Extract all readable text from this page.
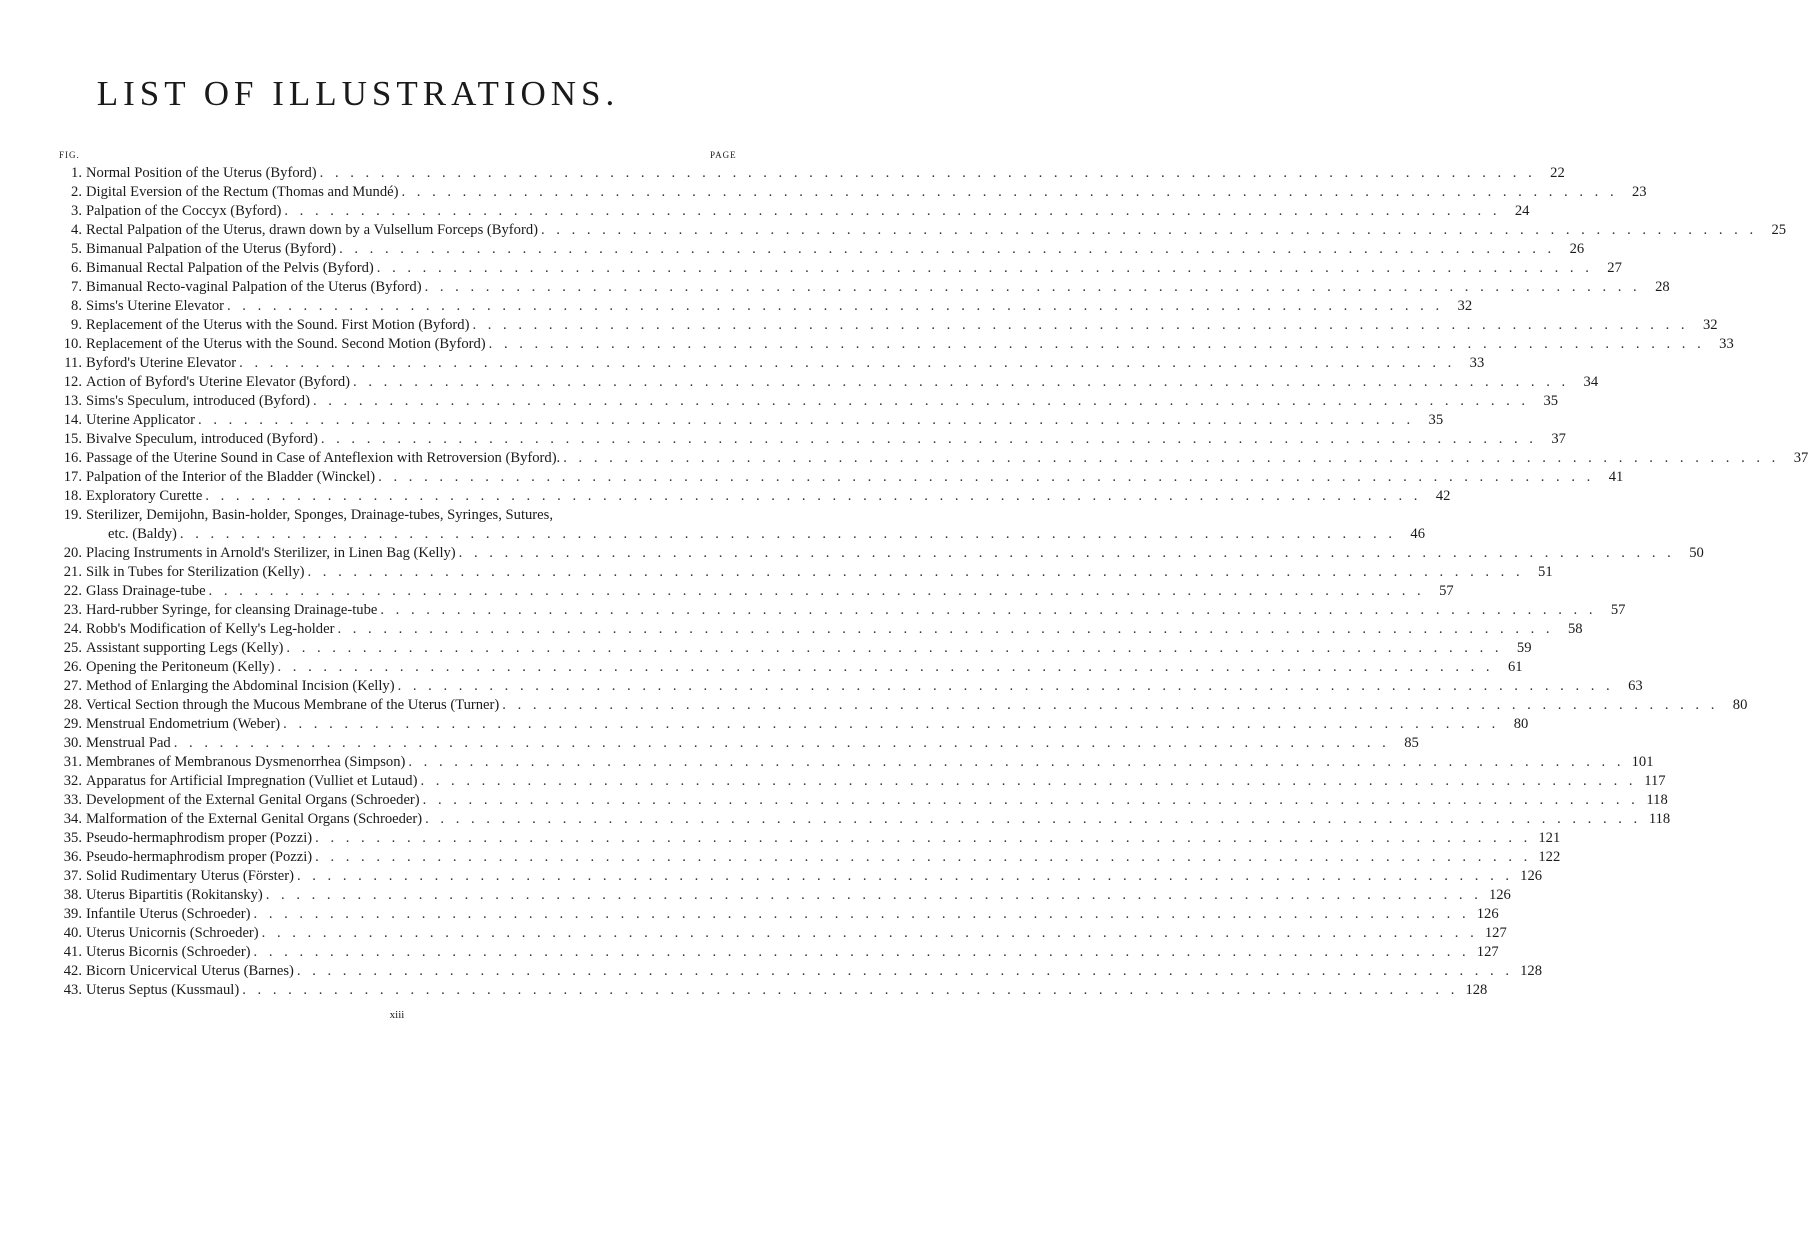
LIST OF ILLUSTRATIONS.
FIG.	PAGE
1. Normal Position of the Uterus (Byford) . . . . . . . . . . . . . . . . . . . . . . . . . . . . . . . . . . . . . . . . . . . . . . . . . . . . . . . . . . . . . . . . . . . . . . . . . . . . . . . . 22
2. Digital Eversion of the Rectum (Thomas and Mundé) . . . . . . . . . . . . . . . . . . . . . . . . . . . . . . . . . . . . . . . . . . . . . . . . . . . . . . . . . . . . . . . . . . . . . . . . . . . . . . . . 23
3. Palpation of the Coccyx (Byford) . . . . . . . . . . . . . . . . . . . . . . . . . . . . . . . . . . . . . . . . . . . . . . . . . . . . . . . . . . . . . . . . . . . . . . . . . . . . . . . . 24
4. Rectal Palpation of the Uterus, drawn down by a Vulsellum Forceps (Byford) . . . . . . . . . . . . . . . . . . . . . . . . . . . . . . . . . . . . . . . . . . . . . . . . . . . . . . . . . . . . . . . . . . . . . . . . . . . . . . . . 25
5. Bimanual Palpation of the Uterus (Byford) . . . . . . . . . . . . . . . . . . . . . . . . . . . . . . . . . . . . . . . . . . . . . . . . . . . . . . . . . . . . . . . . . . . . . . . . . . . . . . . . 26
6. Bimanual Rectal Palpation of the Pelvis (Byford) . . . . . . . . . . . . . . . . . . . . . . . . . . . . . . . . . . . . . . . . . . . . . . . . . . . . . . . . . . . . . . . . . . . . . . . . . . . . . . . . 27
7. Bimanual Recto-vaginal Palpation of the Uterus (Byford) . . . . . . . . . . . . . . . . . . . . . . . . . . . . . . . . . . . . . . . . . . . . . . . . . . . . . . . . . . . . . . . . . . . . . . . . . . . . . . . . 28
8. Sims's Uterine Elevator . . . . . . . . . . . . . . . . . . . . . . . . . . . . . . . . . . . . . . . . . . . . . . . . . . . . . . . . . . . . . . . . . . . . . . . . . . . . . . . . 32
9. Replacement of the Uterus with the Sound. First Motion (Byford) . . . . . . . . . . . . . . . . . . . . . . . . . . . . . . . . . . . . . . . . . . . . . . . . . . . . . . . . . . . . . . . . . . . . . . . . . . . . . . . . 32
10. Replacement of the Uterus with the Sound. Second Motion (Byford) . . . . . . . . . . . . . . . . . . . . . . . . . . . . . . . . . . . . . . . . . . . . . . . . . . . . . . . . . . . . . . . . . . . . . . . . . . . . . . . . 33
11. Byford's Uterine Elevator . . . . . . . . . . . . . . . . . . . . . . . . . . . . . . . . . . . . . . . . . . . . . . . . . . . . . . . . . . . . . . . . . . . . . . . . . . . . . . . . 33
12. Action of Byford's Uterine Elevator (Byford) . . . . . . . . . . . . . . . . . . . . . . . . . . . . . . . . . . . . . . . . . . . . . . . . . . . . . . . . . . . . . . . . . . . . . . . . . . . . . . . . 34
13. Sims's Speculum, introduced (Byford) . . . . . . . . . . . . . . . . . . . . . . . . . . . . . . . . . . . . . . . . . . . . . . . . . . . . . . . . . . . . . . . . . . . . . . . . . . . . . . . . 35
14. Uterine Applicator . . . . . . . . . . . . . . . . . . . . . . . . . . . . . . . . . . . . . . . . . . . . . . . . . . . . . . . . . . . . . . . . . . . . . . . . . . . . . . . . 35
15. Bivalve Speculum, introduced (Byford) . . . . . . . . . . . . . . . . . . . . . . . . . . . . . . . . . . . . . . . . . . . . . . . . . . . . . . . . . . . . . . . . . . . . . . . . . . . . . . . . 37
16. Passage of the Uterine Sound in Case of Anteflexion with Retroversion (Byford). . . . . . . . . . . . . . . . . . . . . . . . . . . . . . . . . . . . . . . . . . . . . . . . . . . . . . . . . . . . . . . . . . . . . . . . . . . . . . . . . 37
17. Palpation of the Interior of the Bladder (Winckel) . . . . . . . . . . . . . . . . . . . . . . . . . . . . . . . . . . . . . . . . . . . . . . . . . . . . . . . . . . . . . . . . . . . . . . . . . . . . . . . . 41
18. Exploratory Curette . . . . . . . . . . . . . . . . . . . . . . . . . . . . . . . . . . . . . . . . . . . . . . . . . . . . . . . . . . . . . . . . . . . . . . . . . . . . . . . . 42
19. Sterilizer, Demijohn, Basin-holder, Sponges, Drainage-tubes, Syringes, Sutures,
etc. (Baldy) . . . . . . . . . . . . . . . . . . . . . . . . . . . . . . . . . . . . . . . . . . . . . . . . . . . . . . . . . . . . . . . . . . . . . . . . . . . . . . . . 46
20. Placing Instruments in Arnold's Sterilizer, in Linen Bag (Kelly) . . . . . . . . . . . . . . . . . . . . . . . . . . . . . . . . . . . . . . . . . . . . . . . . . . . . . . . . . . . . . . . . . . . . . . . . . . . . . . . . 50
21. Silk in Tubes for Sterilization (Kelly) . . . . . . . . . . . . . . . . . . . . . . . . . . . . . . . . . . . . . . . . . . . . . . . . . . . . . . . . . . . . . . . . . . . . . . . . . . . . . . . . 51
22. Glass Drainage-tube . . . . . . . . . . . . . . . . . . . . . . . . . . . . . . . . . . . . . . . . . . . . . . . . . . . . . . . . . . . . . . . . . . . . . . . . . . . . . . . . 57
23. Hard-rubber Syringe, for cleansing Drainage-tube . . . . . . . . . . . . . . . . . . . . . . . . . . . . . . . . . . . . . . . . . . . . . . . . . . . . . . . . . . . . . . . . . . . . . . . . . . . . . . . . 57
24. Robb's Modification of Kelly's Leg-holder . . . . . . . . . . . . . . . . . . . . . . . . . . . . . . . . . . . . . . . . . . . . . . . . . . . . . . . . . . . . . . . . . . . . . . . . . . . . . . . . 58
25. Assistant supporting Legs (Kelly) . . . . . . . . . . . . . . . . . . . . . . . . . . . . . . . . . . . . . . . . . . . . . . . . . . . . . . . . . . . . . . . . . . . . . . . . . . . . . . . . 59
26. Opening the Peritoneum (Kelly) . . . . . . . . . . . . . . . . . . . . . . . . . . . . . . . . . . . . . . . . . . . . . . . . . . . . . . . . . . . . . . . . . . . . . . . . . . . . . . . . 61
27. Method of Enlarging the Abdominal Incision (Kelly) . . . . . . . . . . . . . . . . . . . . . . . . . . . . . . . . . . . . . . . . . . . . . . . . . . . . . . . . . . . . . . . . . . . . . . . . . . . . . . . . 63
28. Vertical Section through the Mucous Membrane of the Uterus (Turner) . . . . . . . . . . . . . . . . . . . . . . . . . . . . . . . . . . . . . . . . . . . . . . . . . . . . . . . . . . . . . . . . . . . . . . . . . . . . . . . . 80
29. Menstrual Endometrium (Weber) . . . . . . . . . . . . . . . . . . . . . . . . . . . . . . . . . . . . . . . . . . . . . . . . . . . . . . . . . . . . . . . . . . . . . . . . . . . . . . . . 80
30. Menstrual Pad . . . . . . . . . . . . . . . . . . . . . . . . . . . . . . . . . . . . . . . . . . . . . . . . . . . . . . . . . . . . . . . . . . . . . . . . . . . . . . . . 85
31. Membranes of Membranous Dysmenorrhea (Simpson) . . . . . . . . . . . . . . . . . . . . . . . . . . . . . . . . . . . . . . . . . . . . . . . . . . . . . . . . . . . . . . . . . . . . . . . . . . . . . . . . 101
32. Apparatus for Artificial Impregnation (Vulliet et Lutaud) . . . . . . . . . . . . . . . . . . . . . . . . . . . . . . . . . . . . . . . . . . . . . . . . . . . . . . . . . . . . . . . . . . . . . . . . . . . . . . . . 117
33. Development of the External Genital Organs (Schroeder) . . . . . . . . . . . . . . . . . . . . . . . . . . . . . . . . . . . . . . . . . . . . . . . . . . . . . . . . . . . . . . . . . . . . . . . . . . . . . . . . 118
34. Malformation of the External Genital Organs (Schroeder) . . . . . . . . . . . . . . . . . . . . . . . . . . . . . . . . . . . . . . . . . . . . . . . . . . . . . . . . . . . . . . . . . . . . . . . . . . . . . . . . 118
35. Pseudo-hermaphrodism proper (Pozzi) . . . . . . . . . . . . . . . . . . . . . . . . . . . . . . . . . . . . . . . . . . . . . . . . . . . . . . . . . . . . . . . . . . . . . . . . . . . . . . . . 121
36. Pseudo-hermaphrodism proper (Pozzi) . . . . . . . . . . . . . . . . . . . . . . . . . . . . . . . . . . . . . . . . . . . . . . . . . . . . . . . . . . . . . . . . . . . . . . . . . . . . . . . . 122
37. Solid Rudimentary Uterus (Förster) . . . . . . . . . . . . . . . . . . . . . . . . . . . . . . . . . . . . . . . . . . . . . . . . . . . . . . . . . . . . . . . . . . . . . . . . . . . . . . . . 126
38. Uterus Bipartitis (Rokitansky) . . . . . . . . . . . . . . . . . . . . . . . . . . . . . . . . . . . . . . . . . . . . . . . . . . . . . . . . . . . . . . . . . . . . . . . . . . . . . . . . 126
39. Infantile Uterus (Schroeder) . . . . . . . . . . . . . . . . . . . . . . . . . . . . . . . . . . . . . . . . . . . . . . . . . . . . . . . . . . . . . . . . . . . . . . . . . . . . . . . . 126
40. Uterus Unicornis (Schroeder) . . . . . . . . . . . . . . . . . . . . . . . . . . . . . . . . . . . . . . . . . . . . . . . . . . . . . . . . . . . . . . . . . . . . . . . . . . . . . . . . 127
41. Uterus Bicornis (Schroeder) . . . . . . . . . . . . . . . . . . . . . . . . . . . . . . . . . . . . . . . . . . . . . . . . . . . . . . . . . . . . . . . . . . . . . . . . . . . . . . . . 127
42. Bicorn Unicervical Uterus (Barnes) . . . . . . . . . . . . . . . . . . . . . . . . . . . . . . . . . . . . . . . . . . . . . . . . . . . . . . . . . . . . . . . . . . . . . . . . . . . . . . . . 128
43. Uterus Septus (Kussmaul) . . . . . . . . . . . . . . . . . . . . . . . . . . . . . . . . . . . . . . . . . . . . . . . . . . . . . . . . . . . . . . . . . . . . . . . . . . . . . . . . 128
xiii
